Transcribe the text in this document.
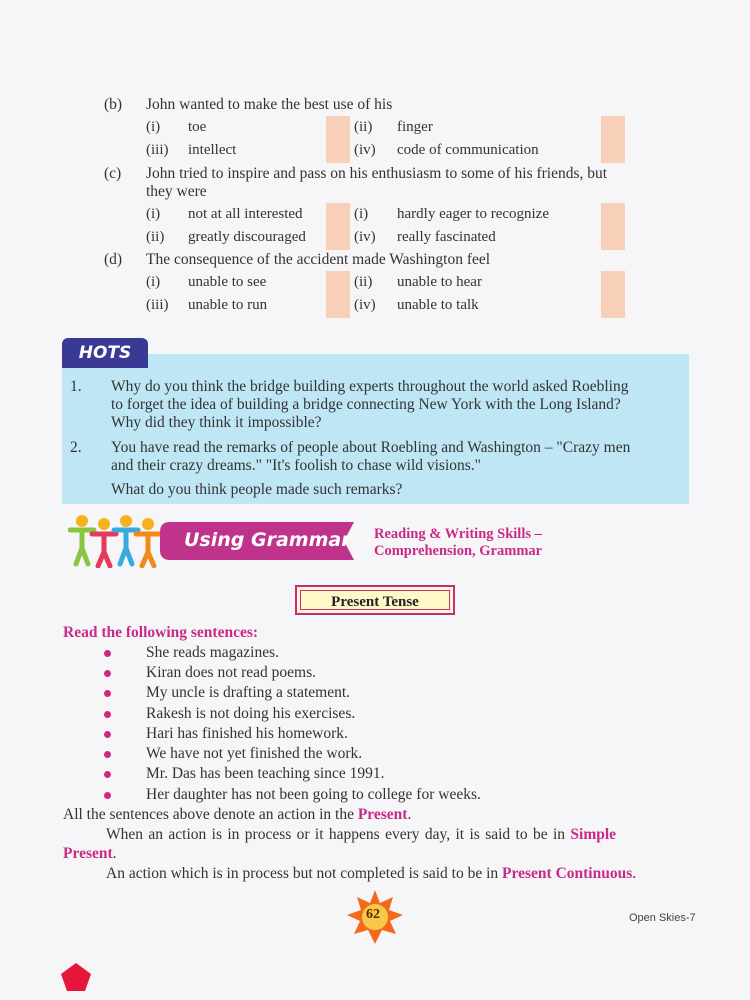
(b) John wanted to make the best use of his
(i) toe	(ii) finger
(iii) intellect	(iv) code of communication
(c) John tried to inspire and pass on his enthusiasm to some of his friends, but
they were
(i) not at all interested	(i) hardly eager to recognize
(ii) greatly discouraged	(iv) really fascinated
(d) The consequence of the accident made Washington feel
(i) unable to see	(ii) unable to hear
(iii) unable to run	(iv) unable to talk
HOTS
1. Why do you think the bridge building experts throughout the world asked Roebling
to forget the idea of building a bridge connecting New York with the Long Island?
Why did they think it impossible?
2. You have read the remarks of people about Roebling and Washington – "Crazy men
and their crazy dreams." "It's foolish to chase wild visions."
What do you think people made such remarks?
Using Grammar Reading & Writing Skills –
Comprehension, Grammar
Present Tense
Read the following sentences:
She reads magazines.
Kiran does not read poems.
My uncle is drafting a statement.
Rakesh is not doing his exercises.
Hari has finished his homework.
We have not yet finished the work.
Mr. Das has been teaching since 1991.
Her daughter has not been going to college for weeks.
All the sentences above denote an action in the Present.
When an action is in process or it happens every day, it is said to be in Simple
Present.
An action which is in process but not completed is said to be in Present Continuous.
62	Open Skies-7
